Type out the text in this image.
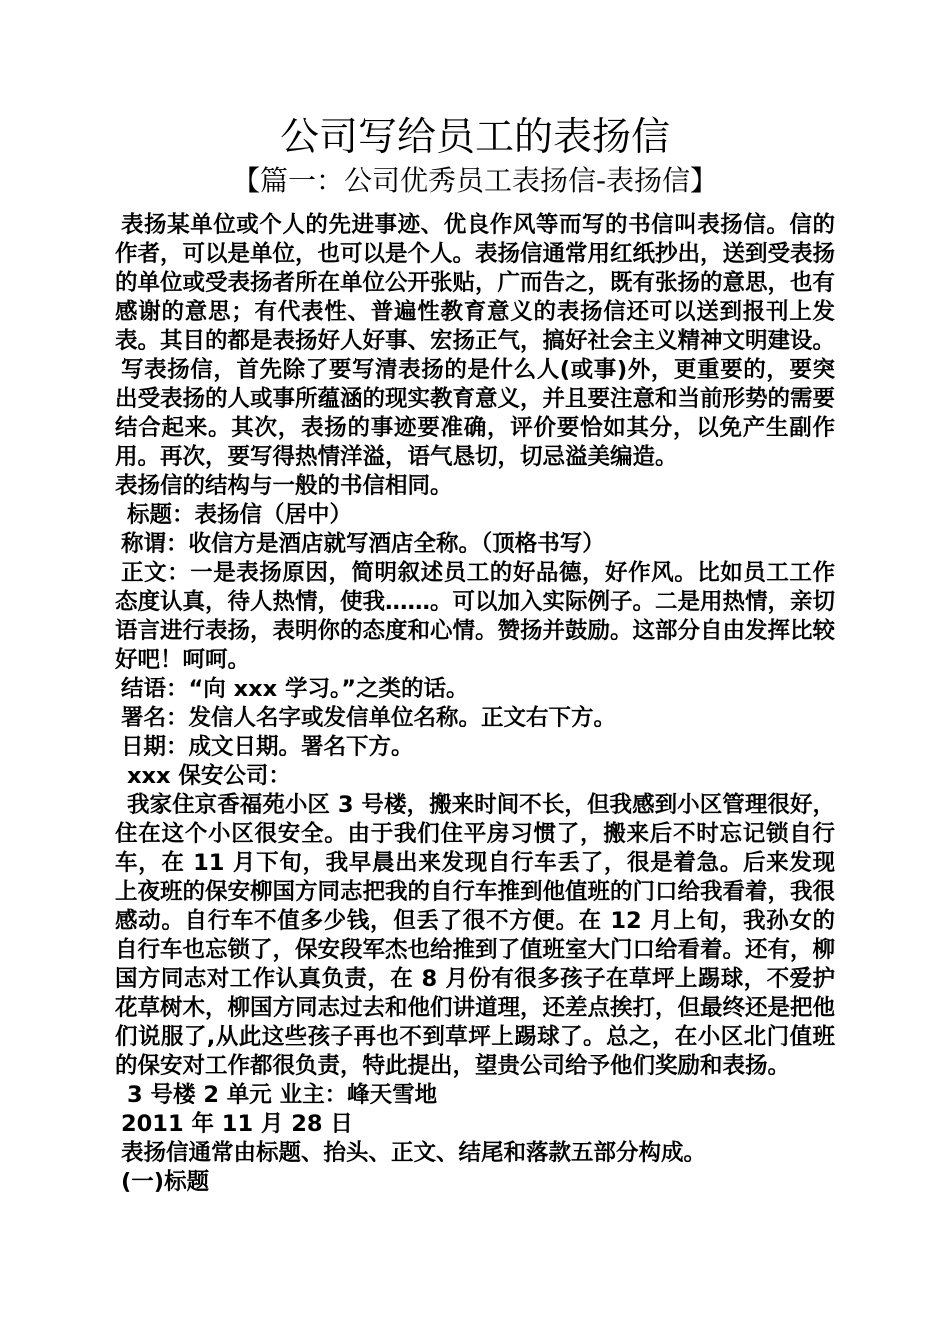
公司写给员工的表扬信
【篇一：公司优秀员工表扬信-表扬信】

表扬某单位或个人的先进事迹、优良作风等而写的书信叫表扬信。信的作者，可以是单位，也可以是个人。表扬信通常用红纸抄出，送到受表扬的单位或受表扬者所在单位公开张贴，广而告之，既有张扬的意思，也有感谢的意思；有代表性、普遍性教育意义的表扬信还可以送到报刊上发表。其目的都是表扬好人好事、宏扬正气，搞好社会主义精神文明建设。

写表扬信，首先除了要写清表扬的是什么人(或事)外，更重要的，要突出受表扬的人或事所蕴涵的现实教育意义，并且要注意和当前形势的需要结合起来。其次，表扬的事迹要准确，评价要恰如其分，以免产生副作用。再次，要写得热情洋溢，语气恳切，切忌溢美编造。

表扬信的结构与一般的书信相同。

标题：表扬信（居中）

称谓：收信方是酒店就写酒店全称。（顶格书写）

正文：一是表扬原因，简明叙述员工的好品德，好作风。比如员工工作态度认真，待人热情，使我……。可以加入实际例子。二是用热情，亲切语言进行表扬，表明你的态度和心情。赞扬并鼓励。这部分自由发挥比较好吧！呵呵。

结语：“向 xxx 学习。”之类的话。

署名：发信人名字或发信单位名称。正文右下方。

日期：成文日期。署名下方。

xxx 保安公司：

我家住京香福苑小区 3 号楼，搬来时间不长，但我感到小区管理很好，住在这个小区很安全。由于我们住平房习惯了，搬来后不时忘记锁自行车，在 11 月下旬，我早晨出来发现自行车丢了，很是着急。后来发现上夜班的保安柳国方同志把我的自行车推到他值班的门口给我看着，我很感动。自行车不值多少钱，但丢了很不方便。在 12 月上旬，我孙女的自行车也忘锁了，保安段军杰也给推到了值班室大门口给看着。还有，柳国方同志对工作认真负责，在 8 月份有很多孩子在草坪上踢球，不爱护花草树木，柳国方同志过去和他们讲道理，还差点挨打，但最终还是把他们说服了,从此这些孩子再也不到草坪上踢球了。总之，在小区北门值班的保安对工作都很负责，特此提出，望贵公司给予他们奖励和表扬。

3 号楼 2 单元 业主：峰天雪地

2011 年 11 月 28 日

表扬信通常由标题、抬头、正文、结尾和落款五部分构成。

(一)标题
